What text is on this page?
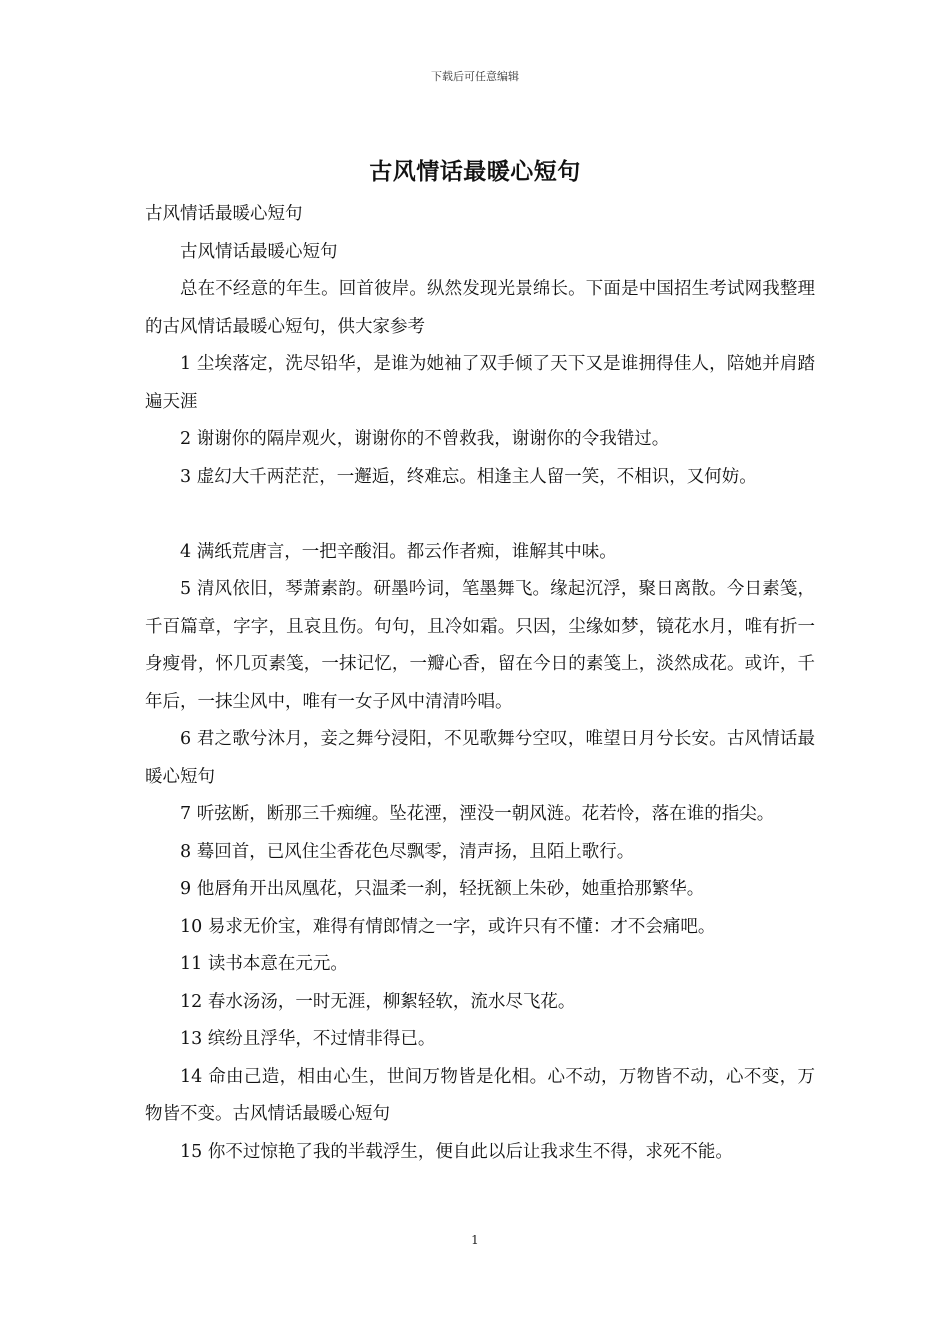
下载后可任意编辑
古风情话最暖心短句

古风情话最暖心短句

古风情话最暖心短句

总在不经意的年生。回首彼岸。纵然发现光景绵长。下面是中国招生考试网我整理的古风情话最暖心短句，供大家参考

1 尘埃落定，洗尽铅华，是谁为她袖了双手倾了天下又是谁拥得佳人，陪她并肩踏遍天涯

2 谢谢你的隔岸观火，谢谢你的不曾救我，谢谢你的令我错过。

3 虚幻大千两茫茫，一邂逅，终难忘。相逢主人留一笑，不相识，又何妨。

4 满纸荒唐言，一把辛酸泪。都云作者痴，谁解其中味。

5 清风依旧，琴萧素韵。研墨吟词，笔墨舞飞。缘起沉浮，聚日离散。今日素笺，千百篇章，字字，且哀且伤。句句，且冷如霜。只因，尘缘如梦，镜花水月，唯有折一身瘦骨，怀几页素笺，一抹记忆，一瓣心香，留在今日的素笺上，淡然成花。或许，千年后，一抹尘风中，唯有一女子风中清清吟唱。

6 君之歌兮沐月，妾之舞兮浸阳，不见歌舞兮空叹，唯望日月兮长安。古风情话最暖心短句

7 听弦断，断那三千痴缠。坠花湮，湮没一朝风涟。花若怜，落在谁的指尖。

8 蓦回首，已风住尘香花色尽飘零，清声扬，且陌上歌行。

9 他唇角开出凤凰花，只温柔一刹，轻抚额上朱砂，她重拾那繁华。

10 易求无价宝，难得有情郎情之一字，或许只有不懂：才不会痛吧。

11 读书本意在元元。

12 春水汤汤，一时无涯，柳絮轻软，流水尽飞花。

13 缤纷且浮华，不过情非得已。

14 命由己造，相由心生，世间万物皆是化相。心不动，万物皆不动，心不变，万物皆不变。古风情话最暖心短句

15 你不过惊艳了我的半载浮生，便自此以后让我求生不得，求死不能。

1
